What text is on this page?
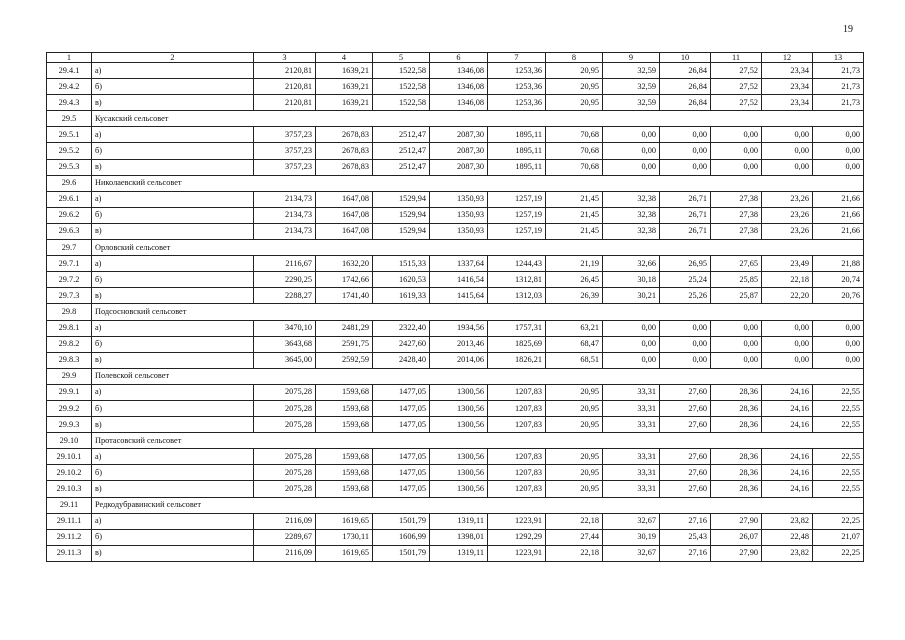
19
1	2	3	4	5	6	7	8	9	10	11	12	13
29.4.1	а)	2120,81	1639,21	1522,58	1346,08	1253,36	20,95	32,59	26,84	27,52	23,34	21,73
29.4.2	б)	2120,81	1639,21	1522,58	1346,08	1253,36	20,95	32,59	26,84	27,52	23,34	21,73
29.4.3	в)	2120,81	1639,21	1522,58	1346,08	1253,36	20,95	32,59	26,84	27,52	23,34	21,73
29.5	Кусакский сельсовет											
29.5.1	а)	3757,23	2678,83	2512,47	2087,30	1895,11	70,68	0,00	0,00	0,00	0,00	0,00
29.5.2	б)	3757,23	2678,83	2512,47	2087,30	1895,11	70,68	0,00	0,00	0,00	0,00	0,00
29.5.3	в)	3757,23	2678,83	2512,47	2087,30	1895,11	70,68	0,00	0,00	0,00	0,00	0,00
29.6	Николаевский сельсовет											
29.6.1	а)	2134,73	1647,08	1529,94	1350,93	1257,19	21,45	32,38	26,71	27,38	23,26	21,66
29.6.2	б)	2134,73	1647,08	1529,94	1350,93	1257,19	21,45	32,38	26,71	27,38	23,26	21,66
29.6.3	в)	2134,73	1647,08	1529,94	1350,93	1257,19	21,45	32,38	26,71	27,38	23,26	21,66
29.7	Орловский сельсовет											
29.7.1	а)	2116,67	1632,20	1515,33	1337,64	1244,43	21,19	32,66	26,95	27,65	23,49	21,88
29.7.2	б)	2290,25	1742,66	1620,53	1416,54	1312,81	26,45	30,18	25,24	25,85	22,18	20,74
29.7.3	в)	2288,27	1741,40	1619,33	1415,64	1312,03	26,39	30,21	25,26	25,87	22,20	20,76
29.8	Подсосновский сельсовет											
29.8.1	а)	3470,10	2481,29	2322,40	1934,56	1757,31	63,21	0,00	0,00	0,00	0,00	0,00
29.8.2	б)	3643,68	2591,75	2427,60	2013,46	1825,69	68,47	0,00	0,00	0,00	0,00	0,00
29.8.3	в)	3645,00	2592,59	2428,40	2014,06	1826,21	68,51	0,00	0,00	0,00	0,00	0,00
29.9	Полевской сельсовет											
29.9.1	а)	2075,28	1593,68	1477,05	1300,56	1207,83	20,95	33,31	27,60	28,36	24,16	22,55
29.9.2	б)	2075,28	1593,68	1477,05	1300,56	1207,83	20,95	33,31	27,60	28,36	24,16	22,55
29.9.3	в)	2075,28	1593,68	1477,05	1300,56	1207,83	20,95	33,31	27,60	28,36	24,16	22,55
29.10	Протасовский сельсовет											
29.10.1	а)	2075,28	1593,68	1477,05	1300,56	1207,83	20,95	33,31	27,60	28,36	24,16	22,55
29.10.2	б)	2075,28	1593,68	1477,05	1300,56	1207,83	20,95	33,31	27,60	28,36	24,16	22,55
29.10.3	в)	2075,28	1593,68	1477,05	1300,56	1207,83	20,95	33,31	27,60	28,36	24,16	22,55
29.11	Редкодубравинский сельсовет											
29.11.1	а)	2116,09	1619,65	1501,79	1319,11	1223,91	22,18	32,67	27,16	27,90	23,82	22,25
29.11.2	б)	2289,67	1730,11	1606,99	1398,01	1292,29	27,44	30,19	25,43	26,07	22,48	21,07
29.11.3	в)	2116,09	1619,65	1501,79	1319,11	1223,91	22,18	32,67	27,16	27,90	23,82	22,25
